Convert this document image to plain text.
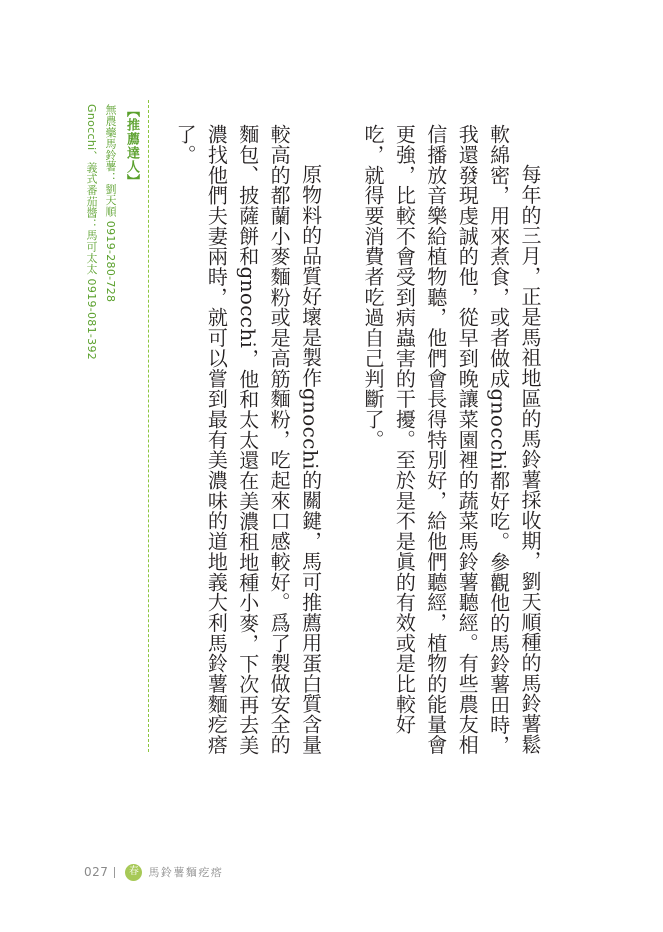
每年的三月，正是馬祖地區的馬鈴薯採收期，劉天順種的馬鈴薯鬆軟綿密，用來煮食，或者做成gnocchi都好吃。參觀他的馬鈴薯田時，我還發現虔誠的他，從早到晚讓菜園裡的蔬菜馬鈴薯聽經。有些農友相信播放音樂給植物聽，他們會長得特別好，給他們聽經，植物的能量會更強，比較不會受到病蟲害的干擾。至於是不是眞的有效或是比較好吃，就得要消費者吃過自己判斷了。

原物料的品質好壞是製作gnocchi的關鍵，馬可推薦用蛋白質含量較高的都蘭小麥麵粉或是高筋麵粉，吃起來口感較好。爲了製做安全的麵包、披薩餅和gnocchi，他和太太還在美濃租地種小麥，下次再去美濃找他們夫妻兩時，就可以嘗到最有美濃味的道地義大利馬鈴薯麵疙瘩了。

【推薦達人】

無農藥馬鈴薯：劉天順 0919-280-728

Gnocchi、義式番茄醬：馬可太太 0919-081-392

027	春 馬鈴薯麵疙瘩
